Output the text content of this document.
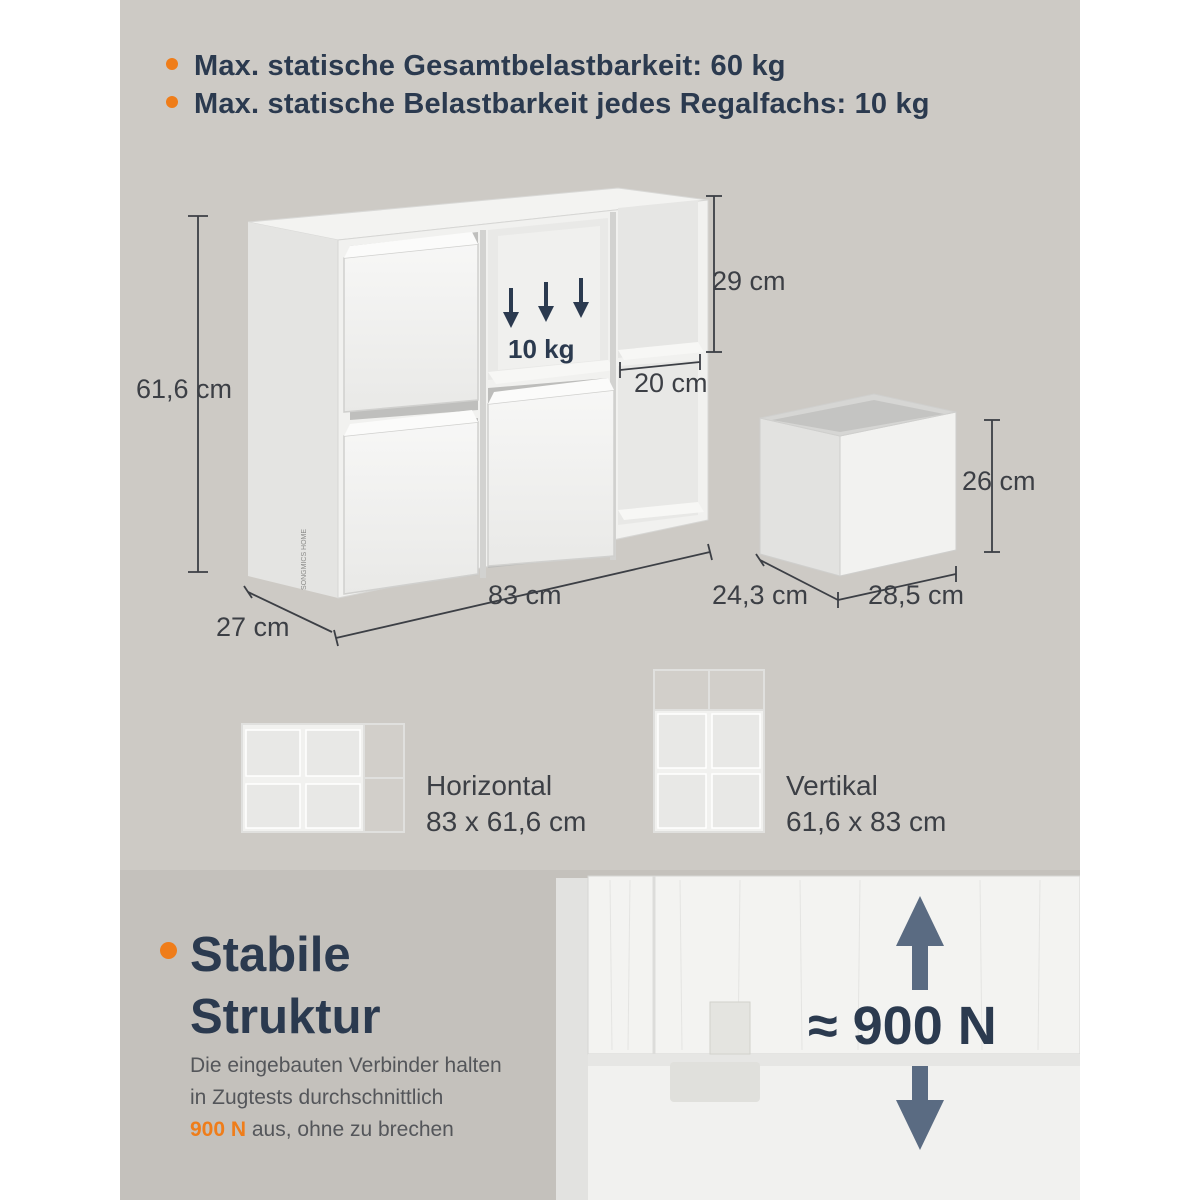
Max. statische Gesamtbelastbarkeit: 60 kg
Max. statische Belastbarkeit jedes Regalfachs: 10 kg
SONGMICS HOME
61,6 cm
29 cm
20 cm
10 kg
83 cm
27 cm
26 cm
24,3 cm 28,5 cm
Horizontal
83 x 61,6 cm
Vertikal
61,6 x 83 cm
Stabile
Struktur
Die eingebauten Verbinder halten
in Zugtests durchschnittlich
900 N aus, ohne zu brechen
≈ 900 N
